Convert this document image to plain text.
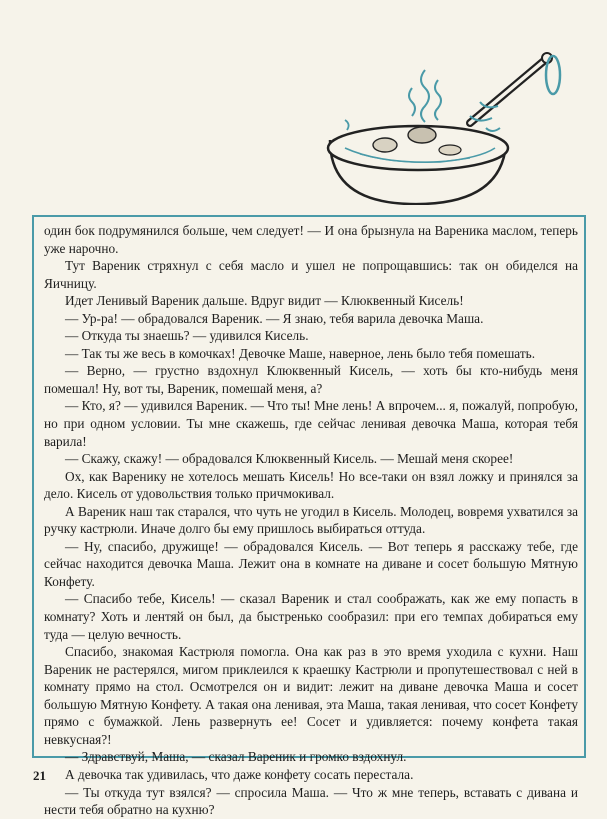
один бок подрумянился больше, чем следует! — И она брызнула на Вареника маслом, теперь уже нарочно.

Тут Вареник стряхнул с себя масло и ушел не попрощавшись: так он обиделся на Яичницу.

Идет Ленивый Вареник дальше. Вдруг видит — Клюквенный Кисель!

— Ур-ра! — обрадовался Вареник. — Я знаю, тебя варила девочка Маша.

— Откуда ты знаешь? — удивился Кисель.

— Так ты же весь в комочках! Девочке Маше, наверное, лень было тебя помешать.

— Верно, — грустно вздохнул Клюквенный Кисель, — хоть бы кто-нибудь меня помешал! Ну, вот ты, Вареник, помешай меня, а?

— Кто, я? — удивился Вареник. — Что ты! Мне лень! А впрочем... я, пожалуй, попробую, но при одном условии. Ты мне скажешь, где сейчас ленивая девочка Маша, которая тебя варила!

— Скажу, скажу! — обрадовался Клюквенный Кисель. — Мешай меня скорее!

Ох, как Варенику не хотелось мешать Кисель! Но все-таки он взял ложку и принялся за дело. Кисель от удовольствия только причмокивал.

А Вареник наш так старался, что чуть не угодил в Кисель. Молодец, вовремя ухватился за ручку кастрюли. Иначе долго бы ему пришлось выбираться оттуда.

— Ну, спасибо, дружище! — обрадовался Кисель. — Вот теперь я расскажу тебе, где сейчас находится девочка Маша. Лежит она в комнате на диване и сосет большую Мятную Конфету.

— Спасибо тебе, Кисель! — сказал Вареник и стал соображать, как же ему попасть в комнату? Хоть и лентяй он был, да быстренько сообразил: при его темпах добираться ему туда — целую вечность.

Спасибо, знакомая Кастрюля помогла. Она как раз в это время уходила с кухни. Наш Вареник не растерялся, мигом приклеился к краешку Кастрюли и пропутешествовал с ней в комнату прямо на стол. Осмотрелся он и видит: лежит на диване девочка Маша и сосет большую Мятную Конфету. А такая она ленивая, эта Маша, такая ленивая, что сосет Конфету прямо с бумажкой. Лень развернуть ее! Сосет и удивляется: почему конфета такая невкусная?!

— Здравствуй, Маша, — сказал Вареник и громко вздохнул.

А девочка так удивилась, что даже конфету сосать перестала.

— Ты откуда тут взялся? — спросила Маша. — Что ж мне теперь, вставать с дивана и нести тебя обратно на кухню?

21
